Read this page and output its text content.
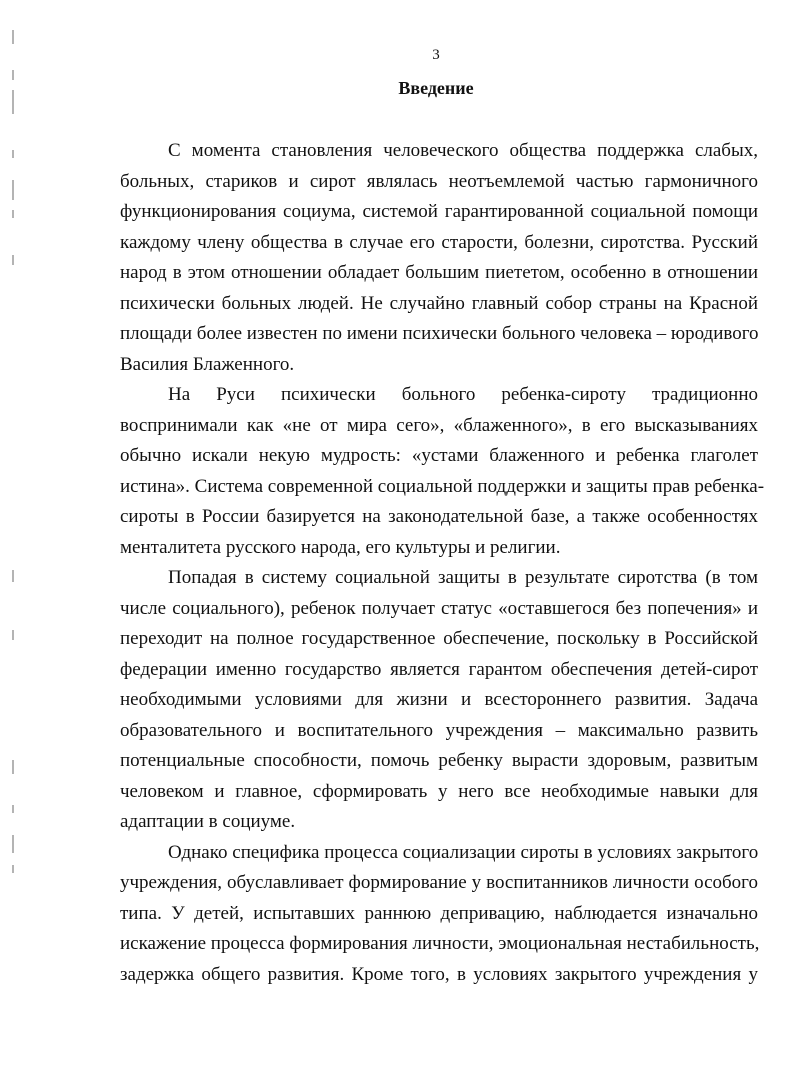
3
Введение
С момента становления человеческого общества поддержка слабых,
больных, стариков и сирот являлась неотъемлемой частью гармоничного
функционирования социума, системой гарантированной социальной помощи
каждому члену общества в случае его старости, болезни, сиротства. Русский
народ в этом отношении обладает большим пиететом, особенно в отношении
психически больных людей. Не случайно главный собор страны на Красной
площади более известен по имени психически больного человека – юродивого
Василия Блаженного.
На Руси психически больного ребенка-сироту традиционно
воспринимали как «не от мира сего», «блаженного», в его высказываниях
обычно искали некую мудрость: «устами блаженного и ребенка глаголет
истина». Система современной социальной поддержки и защиты прав ребенка-
сироты в России базируется на законодательной базе, а также особенностях
менталитета русского народа, его культуры и религии.
Попадая в систему социальной защиты в результате сиротства (в том
числе социального), ребенок получает статус «оставшегося без попечения» и
переходит на полное государственное обеспечение, поскольку в Российской
федерации именно государство является гарантом обеспечения детей-сирот
необходимыми условиями для жизни и всестороннего развития. Задача
образовательного и воспитательного учреждения – максимально развить
потенциальные способности, помочь ребенку вырасти здоровым, развитым
человеком и главное, сформировать у него все необходимые навыки для
адаптации в социуме.
Однако специфика процесса социализации сироты в условиях закрытого
учреждения, обуславливает формирование у воспитанников личности особого
типа. У детей, испытавших раннюю депривацию, наблюдается изначально
искажение процесса формирования личности, эмоциональная нестабильность,
задержка общего развития. Кроме того, в условиях закрытого учреждения у
